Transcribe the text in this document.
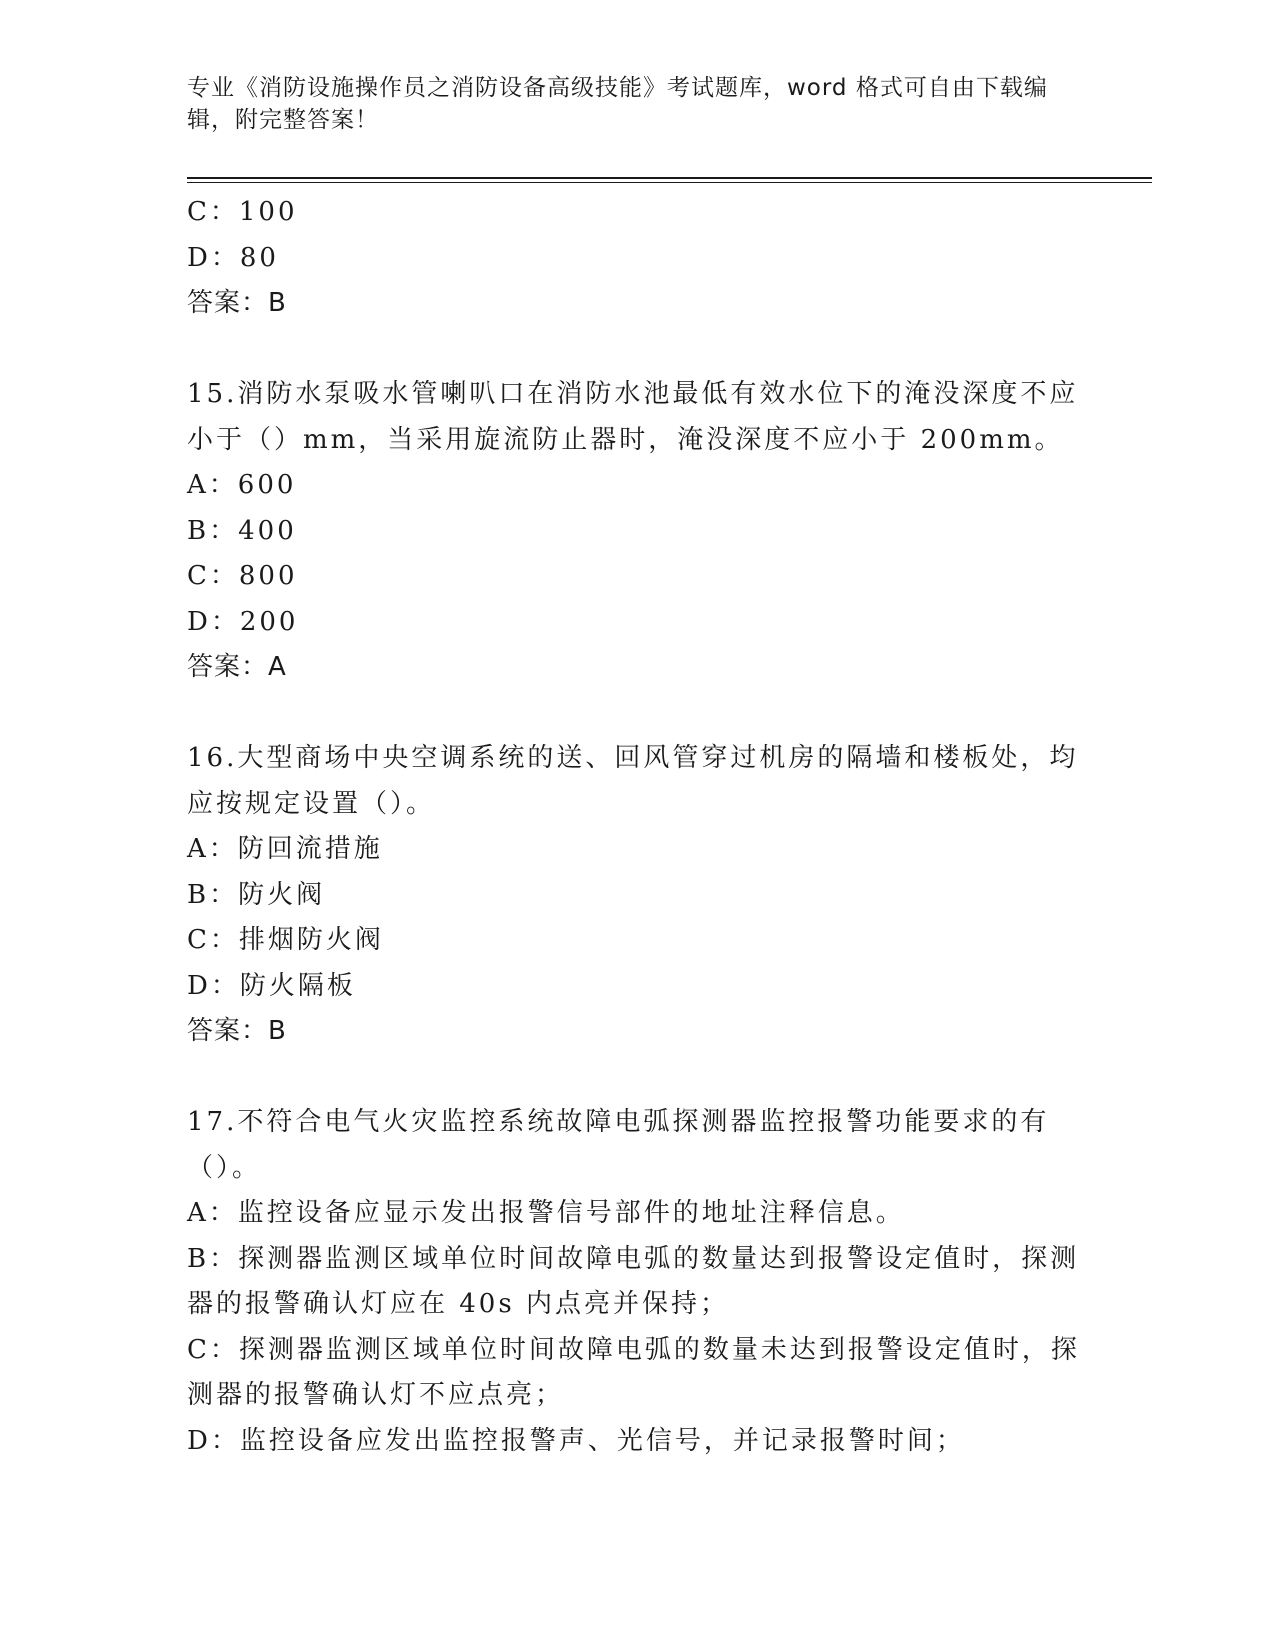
专业《消防设施操作员之消防设备高级技能》考试题库，word 格式可自由下载编辑，附完整答案！
C：100
D：80
答案：B
15.消防水泵吸水管喇叭口在消防水池最低有效水位下的淹没深度不应小于（）mm，当采用旋流防止器时，淹没深度不应小于 200mm。
A：600
B：400
C：800
D：200
答案：A
16.大型商场中央空调系统的送、回风管穿过机房的隔墙和楼板处，均应按规定设置（）。
A：防回流措施
B：防火阀
C：排烟防火阀
D：防火隔板
答案：B
17.不符合电气火灾监控系统故障电弧探测器监控报警功能要求的有（）。
A：监控设备应显示发出报警信号部件的地址注释信息。
B：探测器监测区域单位时间故障电弧的数量达到报警设定值时，探测器的报警确认灯应在 40s 内点亮并保持；
C：探测器监测区域单位时间故障电弧的数量未达到报警设定值时，探测器的报警确认灯不应点亮；
D：监控设备应发出监控报警声、光信号，并记录报警时间；
